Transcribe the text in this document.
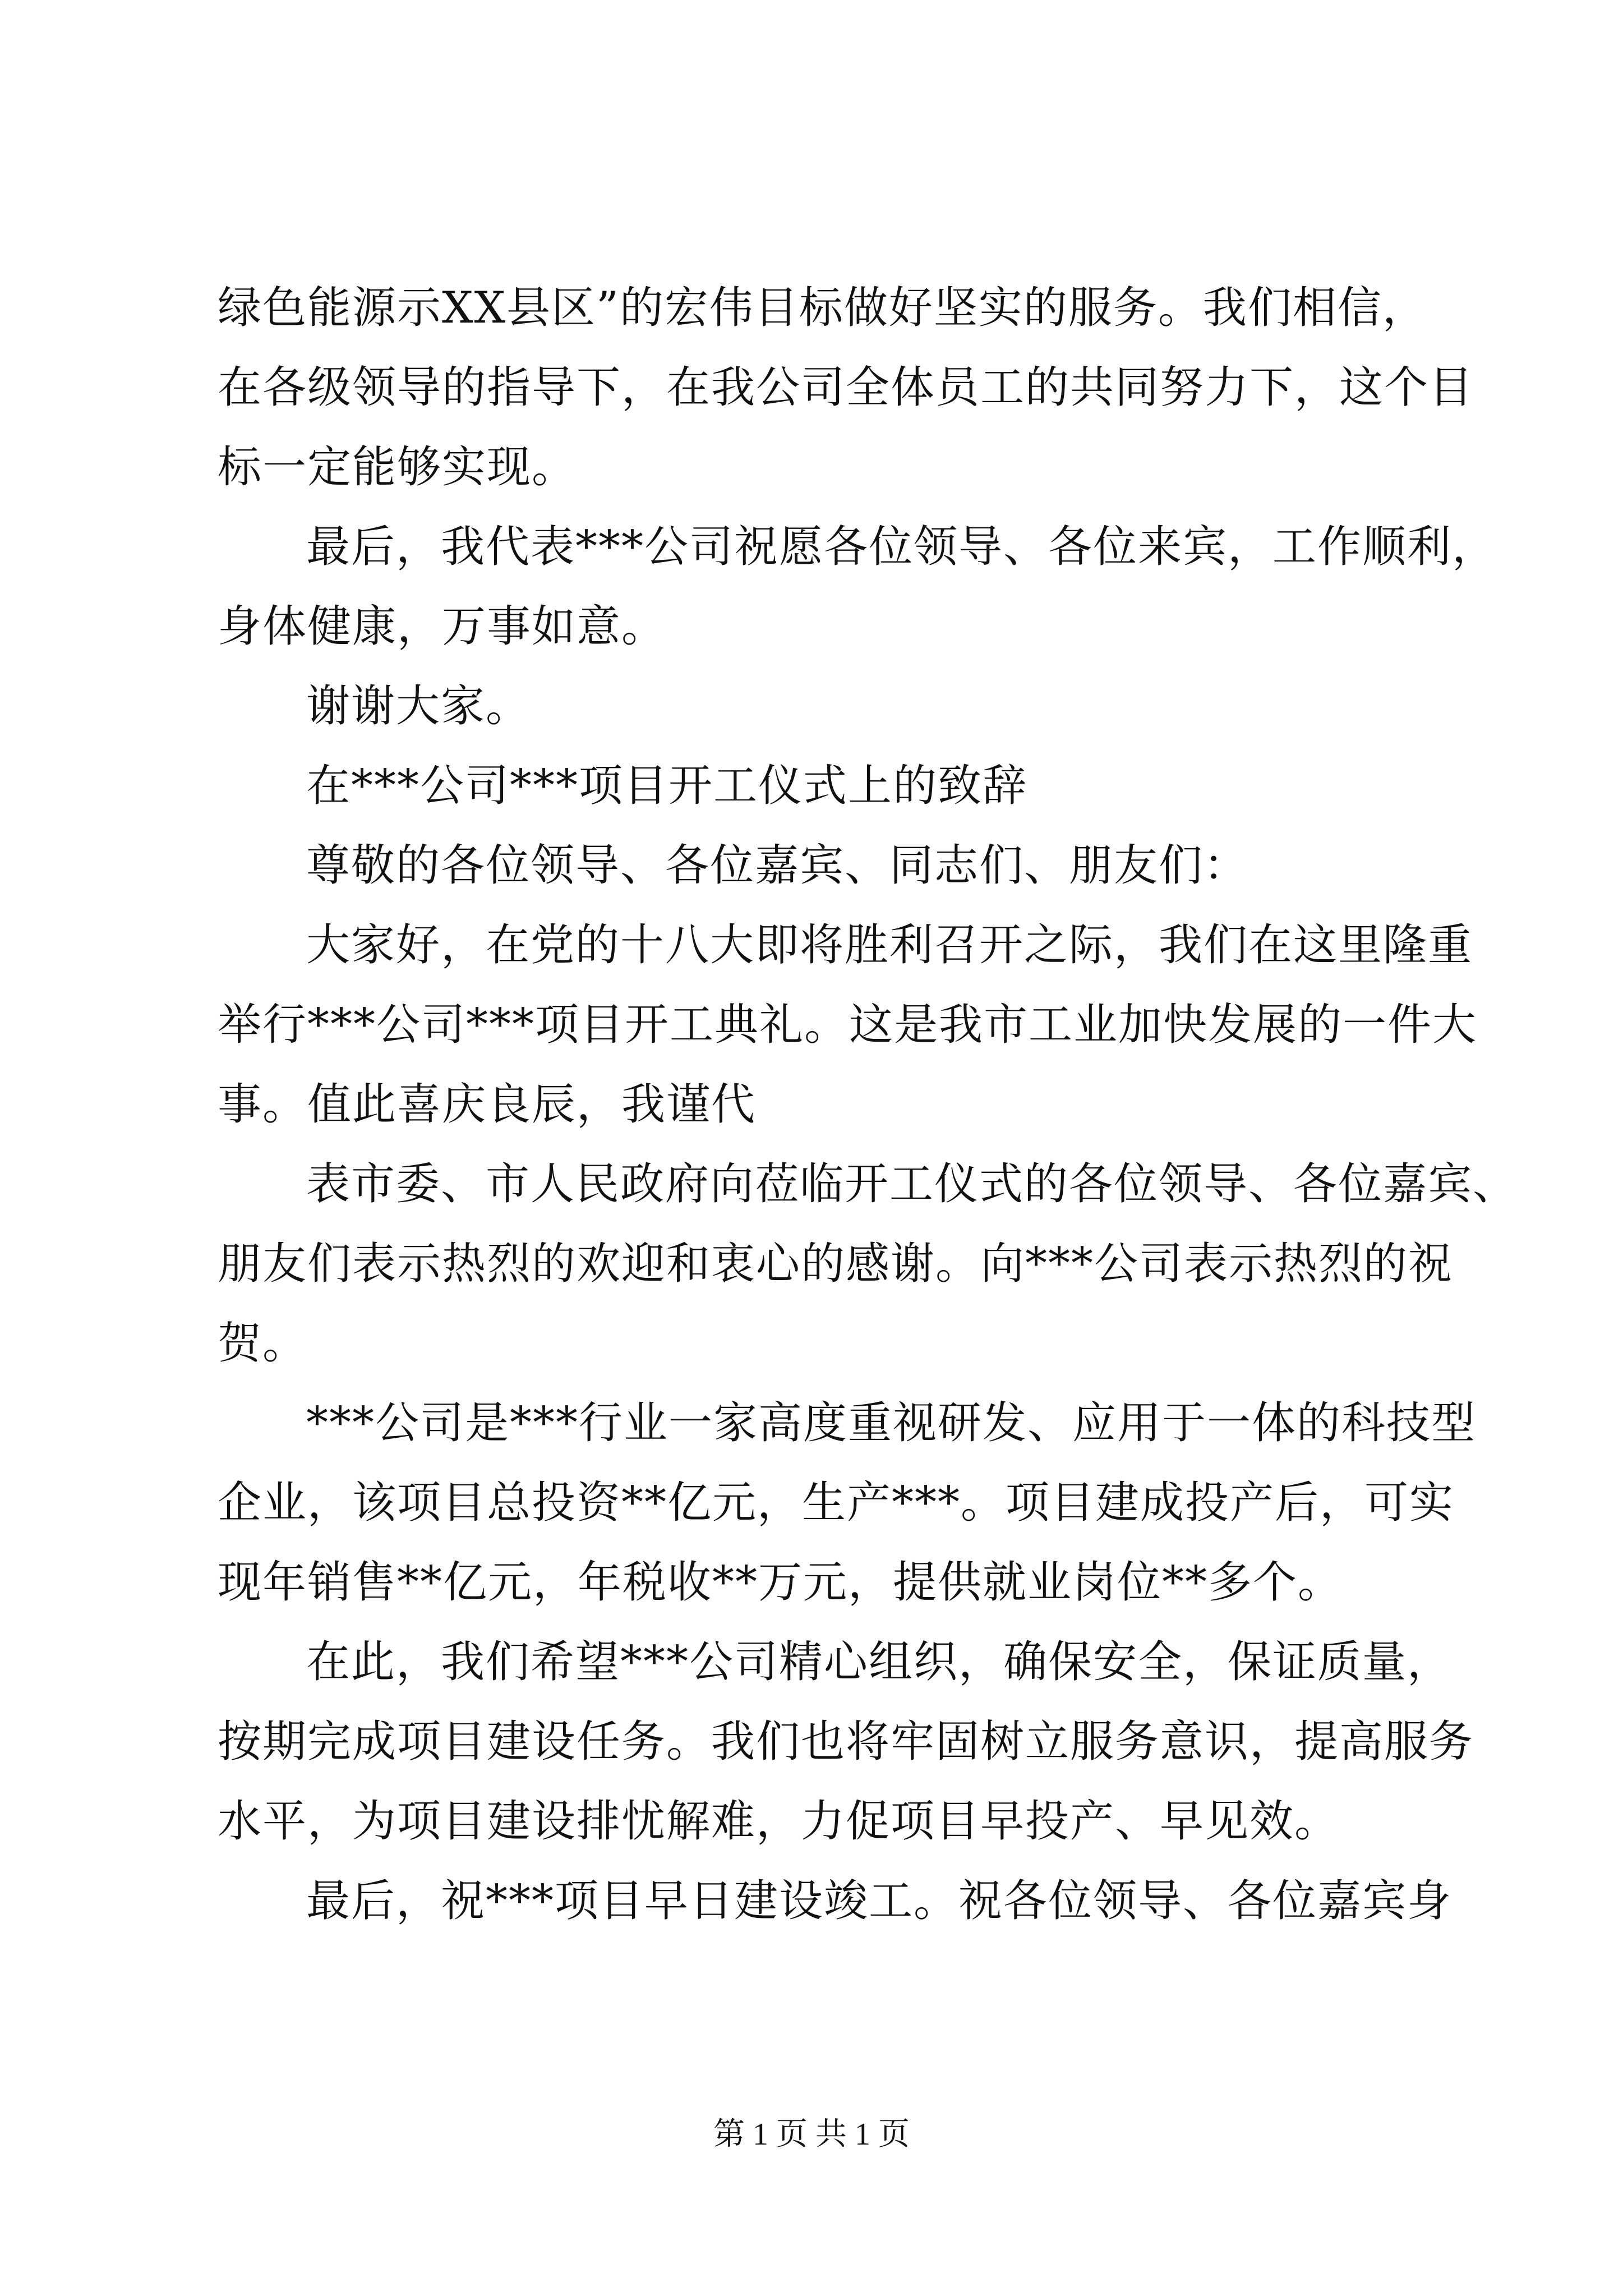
绿色能源示XX县区”的宏伟目标做好坚实的服务。我们相信，
在各级领导的指导下，在我公司全体员工的共同努力下，这个目
标一定能够实现。
最后，我代表***公司祝愿各位领导、各位来宾，工作顺利，
身体健康，万事如意。
谢谢大家。
在***公司***项目开工仪式上的致辞
尊敬的各位领导、各位嘉宾、同志们、朋友们：
大家好，在党的十八大即将胜利召开之际，我们在这里隆重
举行***公司***项目开工典礼。这是我市工业加快发展的一件大
事。值此喜庆良辰，我谨代
表市委、市人民政府向莅临开工仪式的各位领导、各位嘉宾、
朋友们表示热烈的欢迎和衷心的感谢。向***公司表示热烈的祝
贺。
***公司是***行业一家高度重视研发、应用于一体的科技型
企业，该项目总投资**亿元，生产***。项目建成投产后，可实
现年销售**亿元，年税收**万元，提供就业岗位**多个。
在此，我们希望***公司精心组织，确保安全，保证质量，
按期完成项目建设任务。我们也将牢固树立服务意识，提高服务
水平，为项目建设排忧解难，力促项目早投产、早见效。
最后，祝***项目早日建设竣工。祝各位领导、各位嘉宾身
第 1 页 共 1 页
